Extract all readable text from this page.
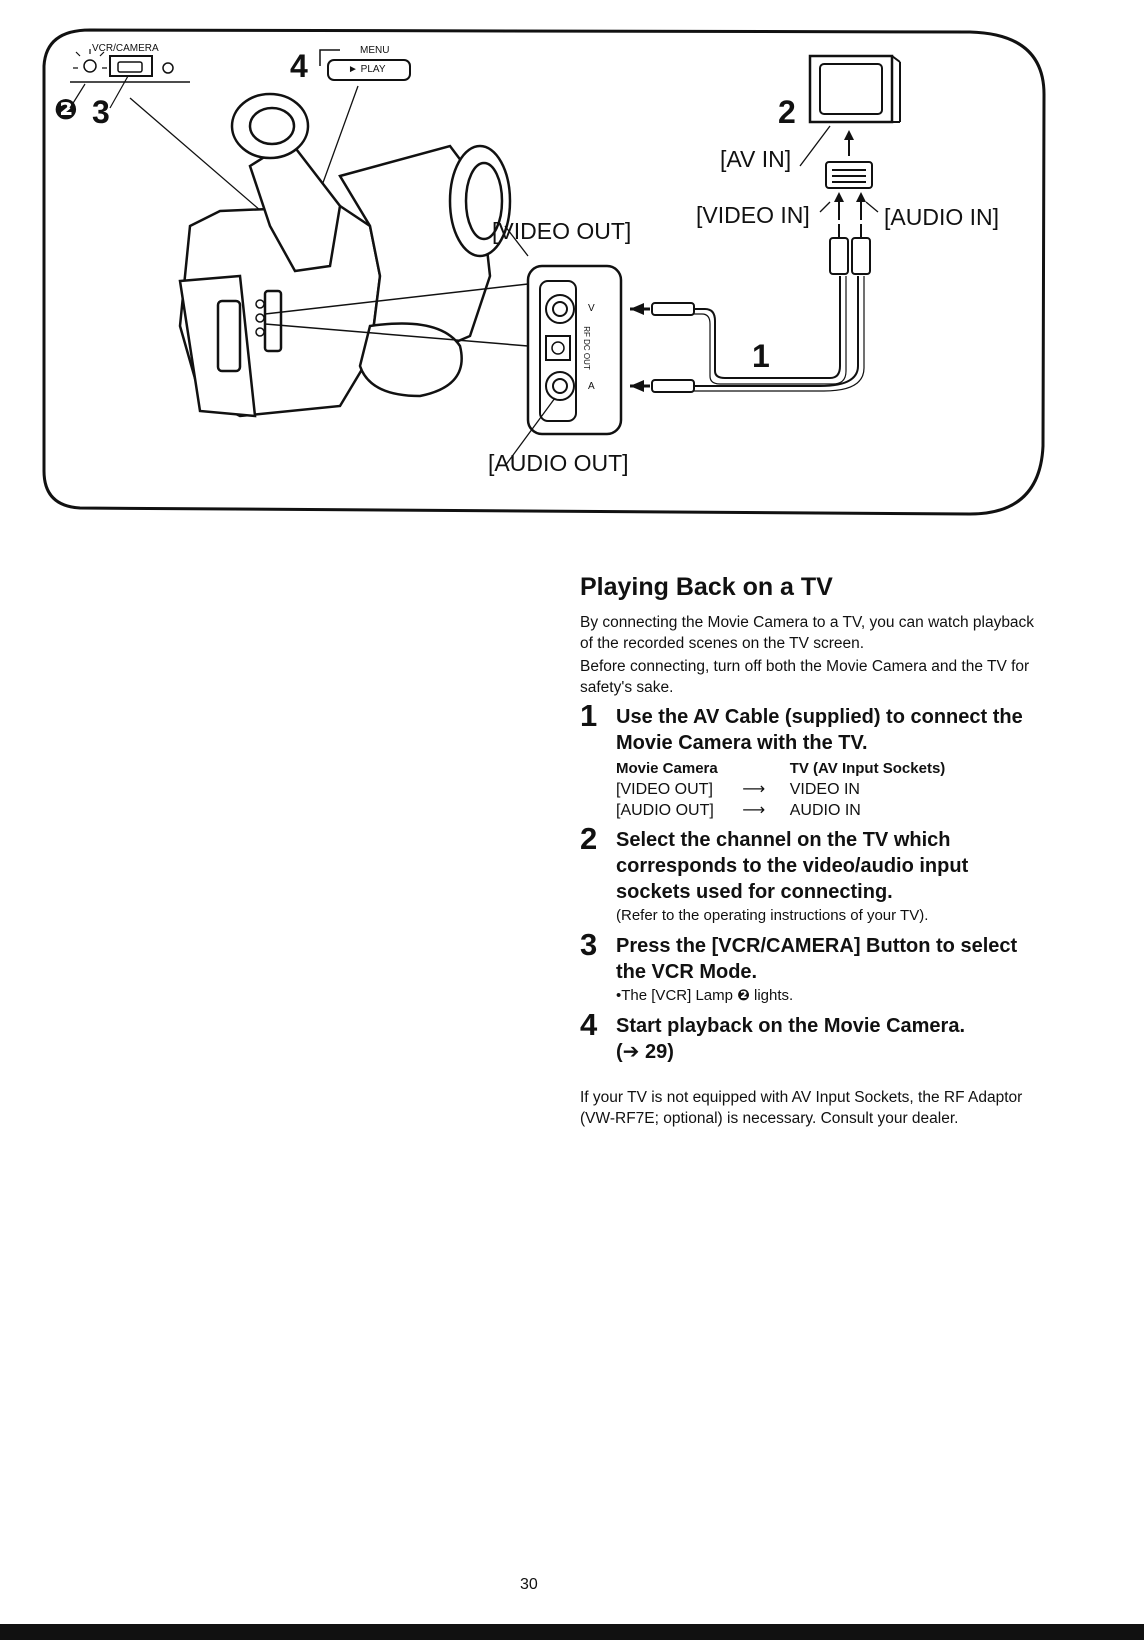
VCR/CAMERA	MENU
► PLAY
❷ 3
4
2
1
[AV IN]
[VIDEO IN]	[AUDIO IN]
[VIDEO OUT]
[AUDIO OUT]
V
A
RF DC OUT
Playing Back on a TV

By connecting the Movie Camera to a TV, you can watch playback of the recorded scenes on the TV screen.

Before connecting, turn off both the Movie Camera and the TV for safety's sake.

1 Use the AV Cable (supplied) to connect the Movie Camera with the TV.
Movie Camera		TV (AV Input Sockets)
[VIDEO OUT]	⟶	VIDEO IN
[AUDIO OUT]	⟶	AUDIO IN
2 Select the channel on the TV which corresponds to the video/audio input sockets used for connecting.
(Refer to the operating instructions of your TV).
3 Press the [VCR/CAMERA] Button to select the VCR Mode.
•The [VCR] Lamp ❷ lights.
4 Start playback on the Movie Camera.
(➔ 29)

If your TV is not equipped with AV Input Sockets, the RF Adaptor (VW-RF7E; optional) is necessary. Consult your dealer.

30
